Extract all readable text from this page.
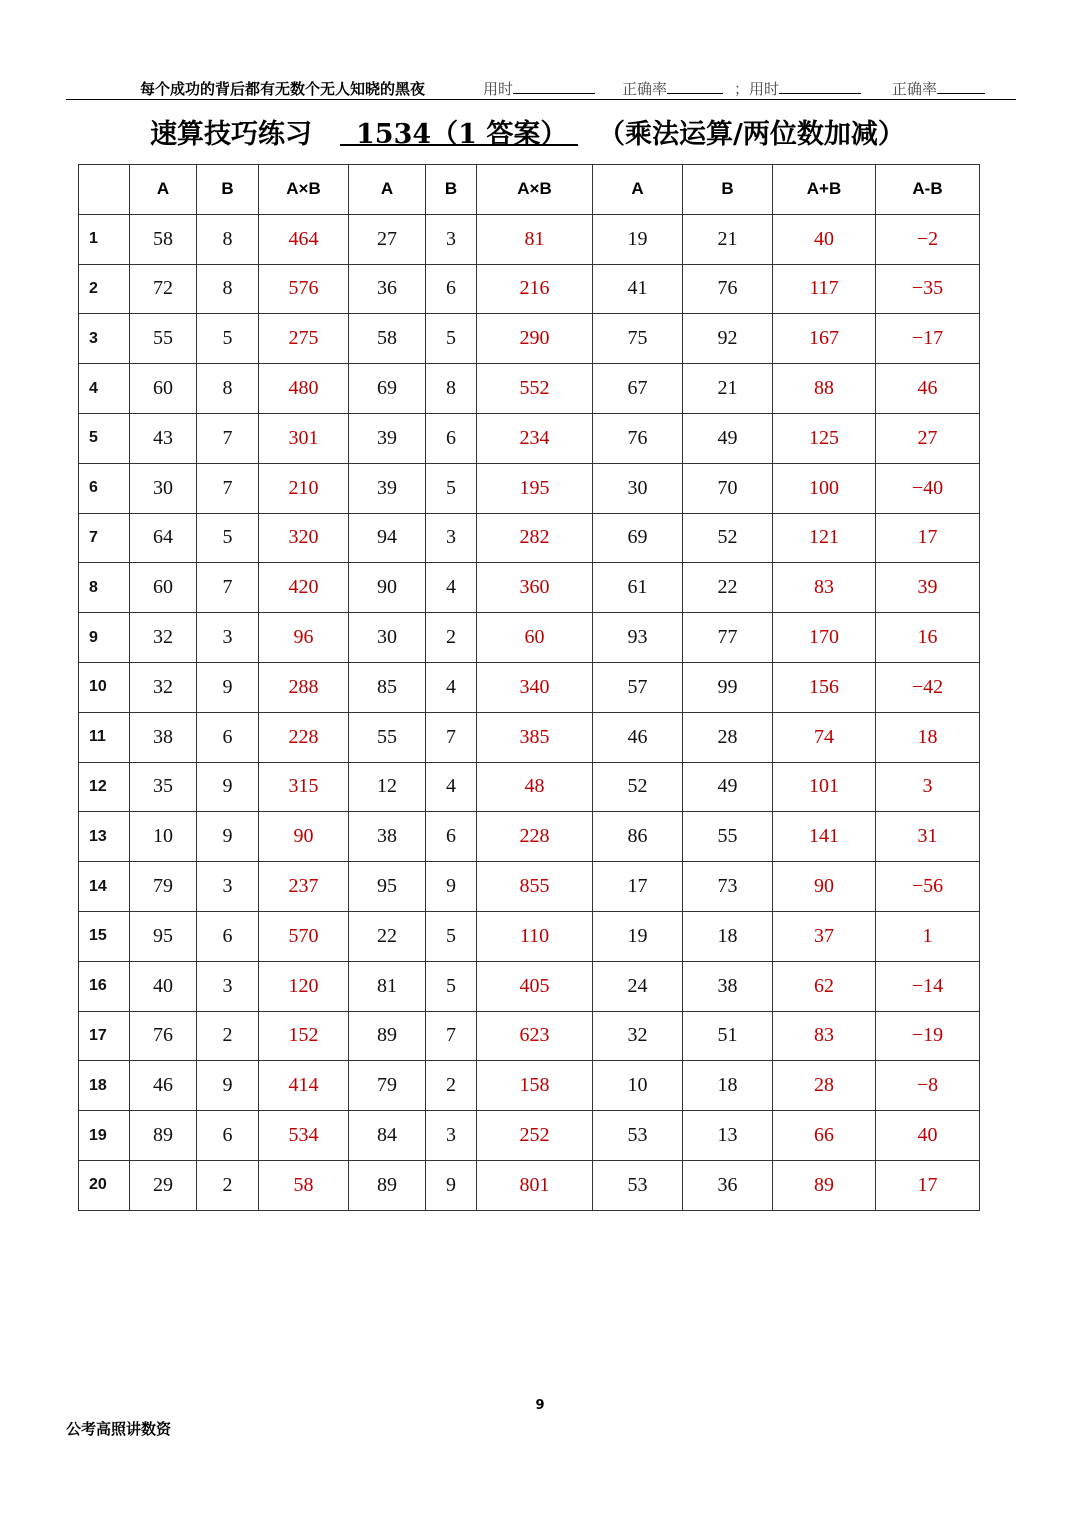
每个成功的背后都有无数个无人知晓的黑夜	用时	正确率	；用时	正确率
速算技巧练习	1534（1 答案）	（乘法运算/两位数加减）
	A	B	A×B	A	B	A×B	A	B	A+B	A-B
1	58	8	464	27	3	81	19	21	40	−2
2	72	8	576	36	6	216	41	76	117	−35
3	55	5	275	58	5	290	75	92	167	−17
4	60	8	480	69	8	552	67	21	88	46
5	43	7	301	39	6	234	76	49	125	27
6	30	7	210	39	5	195	30	70	100	−40
7	64	5	320	94	3	282	69	52	121	17
8	60	7	420	90	4	360	61	22	83	39
9	32	3	96	30	2	60	93	77	170	16
10	32	9	288	85	4	340	57	99	156	−42
11	38	6	228	55	7	385	46	28	74	18
12	35	9	315	12	4	48	52	49	101	3
13	10	9	90	38	6	228	86	55	141	31
14	79	3	237	95	9	855	17	73	90	−56
15	95	6	570	22	5	110	19	18	37	1
16	40	3	120	81	5	405	24	38	62	−14
17	76	2	152	89	7	623	32	51	83	−19
18	46	9	414	79	2	158	10	18	28	−8
19	89	6	534	84	3	252	53	13	66	40
20	29	2	58	89	9	801	53	36	89	17
9
公考高照讲数资
